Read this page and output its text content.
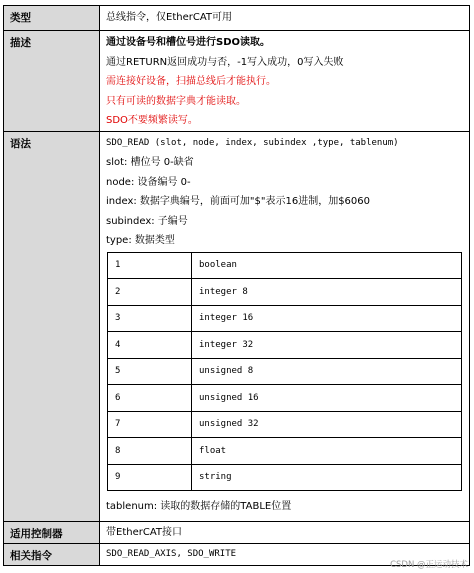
类型	总线指令，仅EtherCAT可用

描述	通过设备号和槽位号进行SDO读取。
通过RETURN返回成功与否，-1写入成功，0写入失败
需连接好设备，扫描总线后才能执行。
只有可读的数据字典才能读取。
SDO不要频繁读写。

语法	SDO_READ (slot, node, index, subindex ,type, tablenum)
slot: 槽位号 0-缺省
node: 设备编号 0-
index: 数据字典编号，前面可加"$"表示16进制，加$6060
subindex: 子编号
type: 数据类型
1	boolean
2	integer 8
3	integer 16
4	integer 32
5	unsigned 8
6	unsigned 16
7	unsigned 32
8	float
9	string
tablenum: 读取的数据存储的TABLE位置

适用控制器	带EtherCAT接口

相关指令	SDO_READ_AXIS, SDO_WRITE
CSDN @正运动技术
